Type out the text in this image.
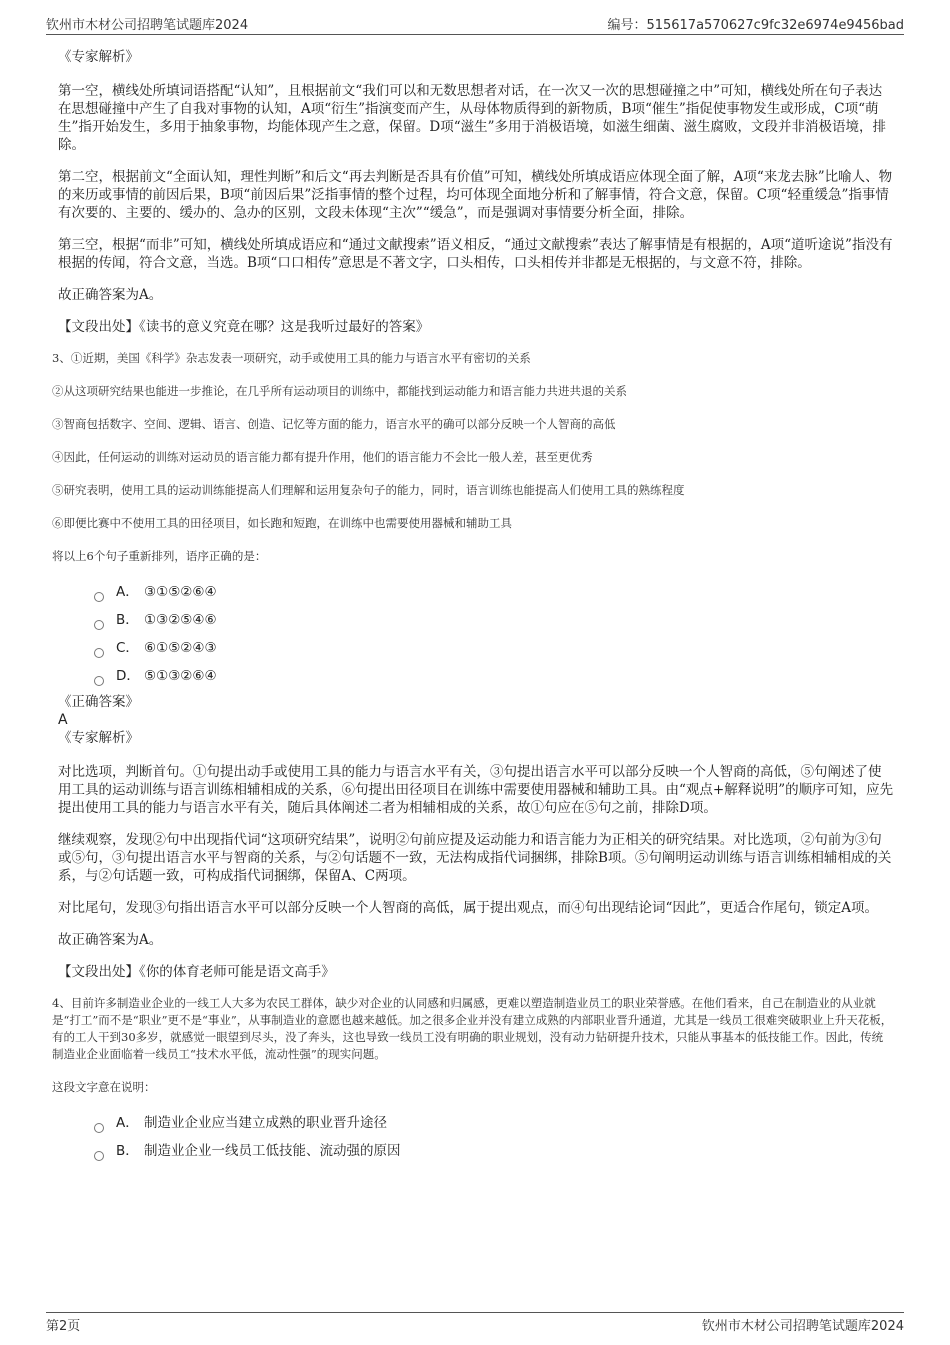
钦州市木材公司招聘笔试题库2024	编号：515617a570627c9fc32e6974e9456bad

《专家解析》

第一空，横线处所填词语搭配“认知”，且根据前文“我们可以和无数思想者对话，在一次又一次的思想碰撞之中”可知，横线处所在句子表达在思想碰撞中产生了自我对事物的认知，A项“衍生”指演变而产生，从母体物质得到的新物质，B项“催生”指促使事物发生或形成，C项“萌生”指开始发生，多用于抽象事物，均能体现产生之意，保留。D项“滋生”多用于消极语境，如滋生细菌、滋生腐败，文段并非消极语境，排除。

第二空，根据前文“全面认知，理性判断”和后文“再去判断是否具有价值”可知，横线处所填成语应体现全面了解，A项“来龙去脉”比喻人、物的来历或事情的前因后果，B项“前因后果”泛指事情的整个过程，均可体现全面地分析和了解事情，符合文意，保留。C项“轻重缓急”指事情有次要的、主要的、缓办的、急办的区别，文段未体现“主次”“缓急”，而是强调对事情要分析全面，排除。

第三空，根据“而非”可知，横线处所填成语应和“通过文献搜索”语义相反，“通过文献搜索”表达了解事情是有根据的，A项“道听途说”指没有根据的传闻，符合文意，当选。B项“口口相传”意思是不著文字，口头相传，口头相传并非都是无根据的，与文意不符，排除。

故正确答案为A。

【文段出处】《读书的意义究竟在哪？这是我听过最好的答案》

3、①近期，美国《科学》杂志发表一项研究，动手或使用工具的能力与语言水平有密切的关系

②从这项研究结果也能进一步推论，在几乎所有运动项目的训练中，都能找到运动能力和语言能力共进共退的关系

③智商包括数字、空间、逻辑、语言、创造、记忆等方面的能力，语言水平的确可以部分反映一个人智商的高低

④因此，任何运动的训练对运动员的语言能力都有提升作用，他们的语言能力不会比一般人差，甚至更优秀

⑤研究表明，使用工具的运动训练能提高人们理解和运用复杂句子的能力，同时，语言训练也能提高人们使用工具的熟练程度

⑥即便比赛中不使用工具的田径项目，如长跑和短跑，在训练中也需要使用器械和辅助工具

将以上6个句子重新排列，语序正确的是：

A． ③①⑤②⑥④
B． ①③②⑤④⑥
C． ⑥①⑤②④③
D． ⑤①③②⑥④

《正确答案》

A

《专家解析》

对比选项，判断首句。①句提出动手或使用工具的能力与语言水平有关，③句提出语言水平可以部分反映一个人智商的高低，⑤句阐述了使用工具的运动训练与语言训练相辅相成的关系，⑥句提出田径项目在训练中需要使用器械和辅助工具。由“观点+解释说明”的顺序可知，应先提出使用工具的能力与语言水平有关，随后具体阐述二者为相辅相成的关系，故①句应在⑤句之前，排除D项。

继续观察，发现②句中出现指代词“这项研究结果”，说明②句前应提及运动能力和语言能力为正相关的研究结果。对比选项，②句前为③句或⑤句，③句提出语言水平与智商的关系，与②句话题不一致，无法构成指代词捆绑，排除B项。⑤句阐明运动训练与语言训练相辅相成的关系，与②句话题一致，可构成指代词捆绑，保留A、C两项。

对比尾句，发现③句指出语言水平可以部分反映一个人智商的高低，属于提出观点，而④句出现结论词“因此”，更适合作尾句，锁定A项。

故正确答案为A。

【文段出处】《你的体育老师可能是语文高手》

4、目前许多制造业企业的一线工人大多为农民工群体，缺少对企业的认同感和归属感，更难以塑造制造业员工的职业荣誉感。在他们看来，自己在制造业的从业就是“打工”而不是“职业”更不是“事业”，从事制造业的意愿也越来越低。加之很多企业并没有建立成熟的内部职业晋升通道，尤其是一线员工很难突破职业上升天花板，有的工人干到30多岁，就感觉一眼望到尽头，没了奔头，这也导致一线员工没有明确的职业规划，没有动力钻研提升技术，只能从事基本的低技能工作。因此，传统制造业企业面临着一线员工“技术水平低，流动性强”的现实问题。

这段文字意在说明：

A． 制造业企业应当建立成熟的职业晋升途径
B． 制造业企业一线员工低技能、流动强的原因
第2页	钦州市木材公司招聘笔试题库2024
